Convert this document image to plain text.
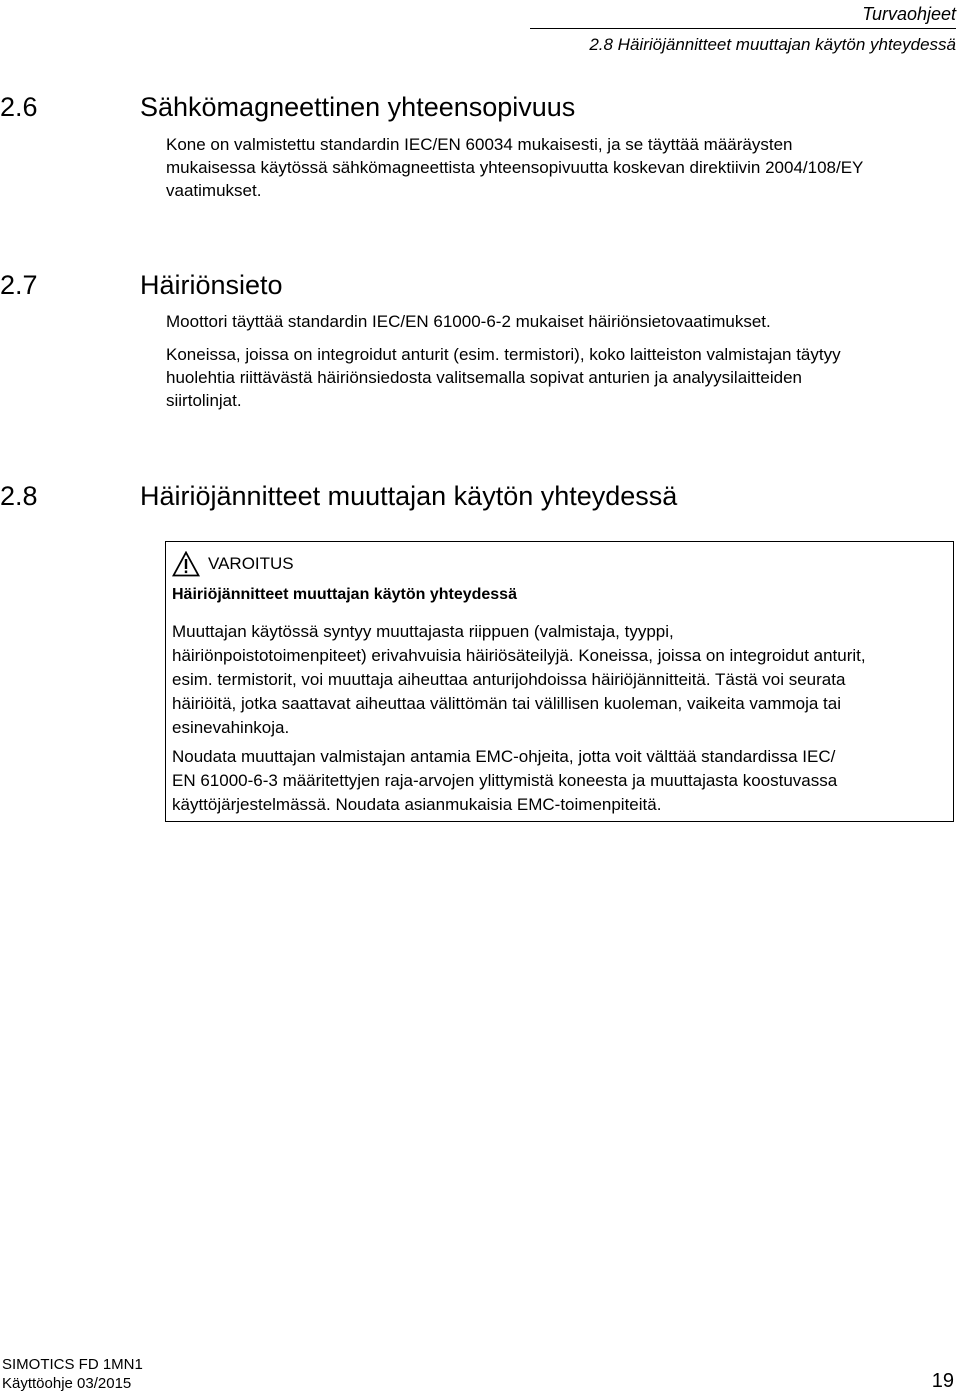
Turvaohjeet
2.8 Häiriöjännitteet muuttajan käytön yhteydessä
2.6	Sähkömagneettinen yhteensopivuus
Kone on valmistettu standardin IEC/EN 60034 mukaisesti, ja se täyttää määräysten
mukaisessa käytössä sähkömagneettista yhteensopivuutta koskevan direktiivin 2004/108/EY
vaatimukset.
2.7	Häiriönsieto
Moottori täyttää standardin IEC/EN 61000-6-2 mukaiset häiriönsietovaatimukset.
Koneissa, joissa on integroidut anturit (esim. termistori), koko laitteiston valmistajan täytyy
huolehtia riittävästä häiriönsiedosta valitsemalla sopivat anturien ja analyysilaitteiden
siirtolinjat.
2.8	Häiriöjännitteet muuttajan käytön yhteydessä
VAROITUS
Häiriöjännitteet muuttajan käytön yhteydessä
Muuttajan käytössä syntyy muuttajasta riippuen (valmistaja, tyyppi,
häiriönpoistotoimenpiteet) erivahvuisia häiriösäteilyjä. Koneissa, joissa on integroidut anturit,
esim. termistorit, voi muuttaja aiheuttaa anturijohdoissa häiriöjännitteitä. Tästä voi seurata
häiriöitä, jotka saattavat aiheuttaa välittömän tai välillisen kuoleman, vaikeita vammoja tai
esinevahinkoja.
Noudata muuttajan valmistajan antamia EMC-ohjeita, jotta voit välttää standardissa IEC/
EN 61000-6-3 määritettyjen raja-arvojen ylittymistä koneesta ja muuttajasta koostuvassa
käyttöjärjestelmässä. Noudata asianmukaisia EMC-toimenpiteitä.
SIMOTICS FD 1MN1
Käyttöohje 03/2015	19
